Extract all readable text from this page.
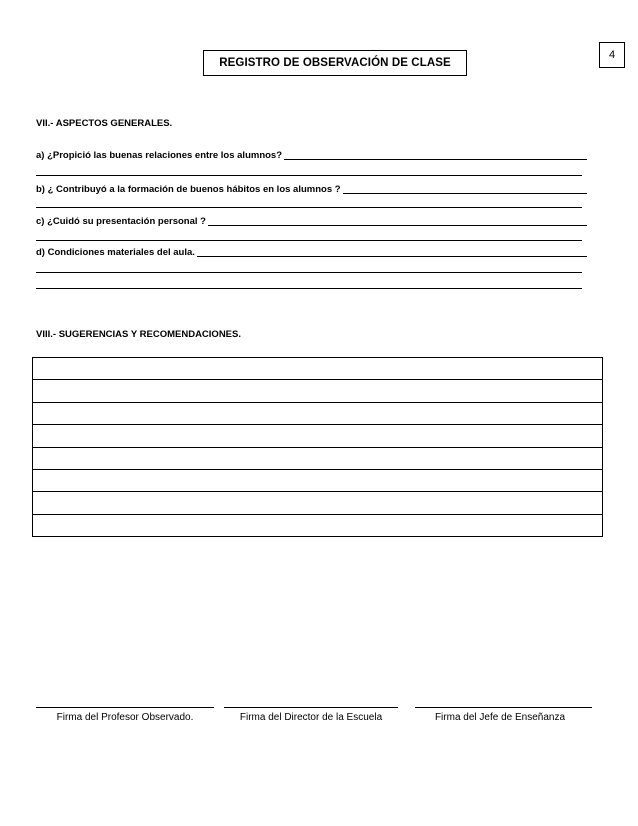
4
REGISTRO DE OBSERVACIÓN DE CLASE
VII.- ASPECTOS GENERALES.
a) ¿Propició las buenas relaciones entre los alumnos?
b) ¿ Contribuyó a la formación de buenos hábitos en los alumnos ?
c) ¿Cuidó su presentación personal ?
d) Condiciones materiales del aula.
VIII.- SUGERENCIAS Y RECOMENDACIONES.
Firma del Profesor Observado.	Firma del Director de la Escuela	Firma del Jefe de Enseñanza
